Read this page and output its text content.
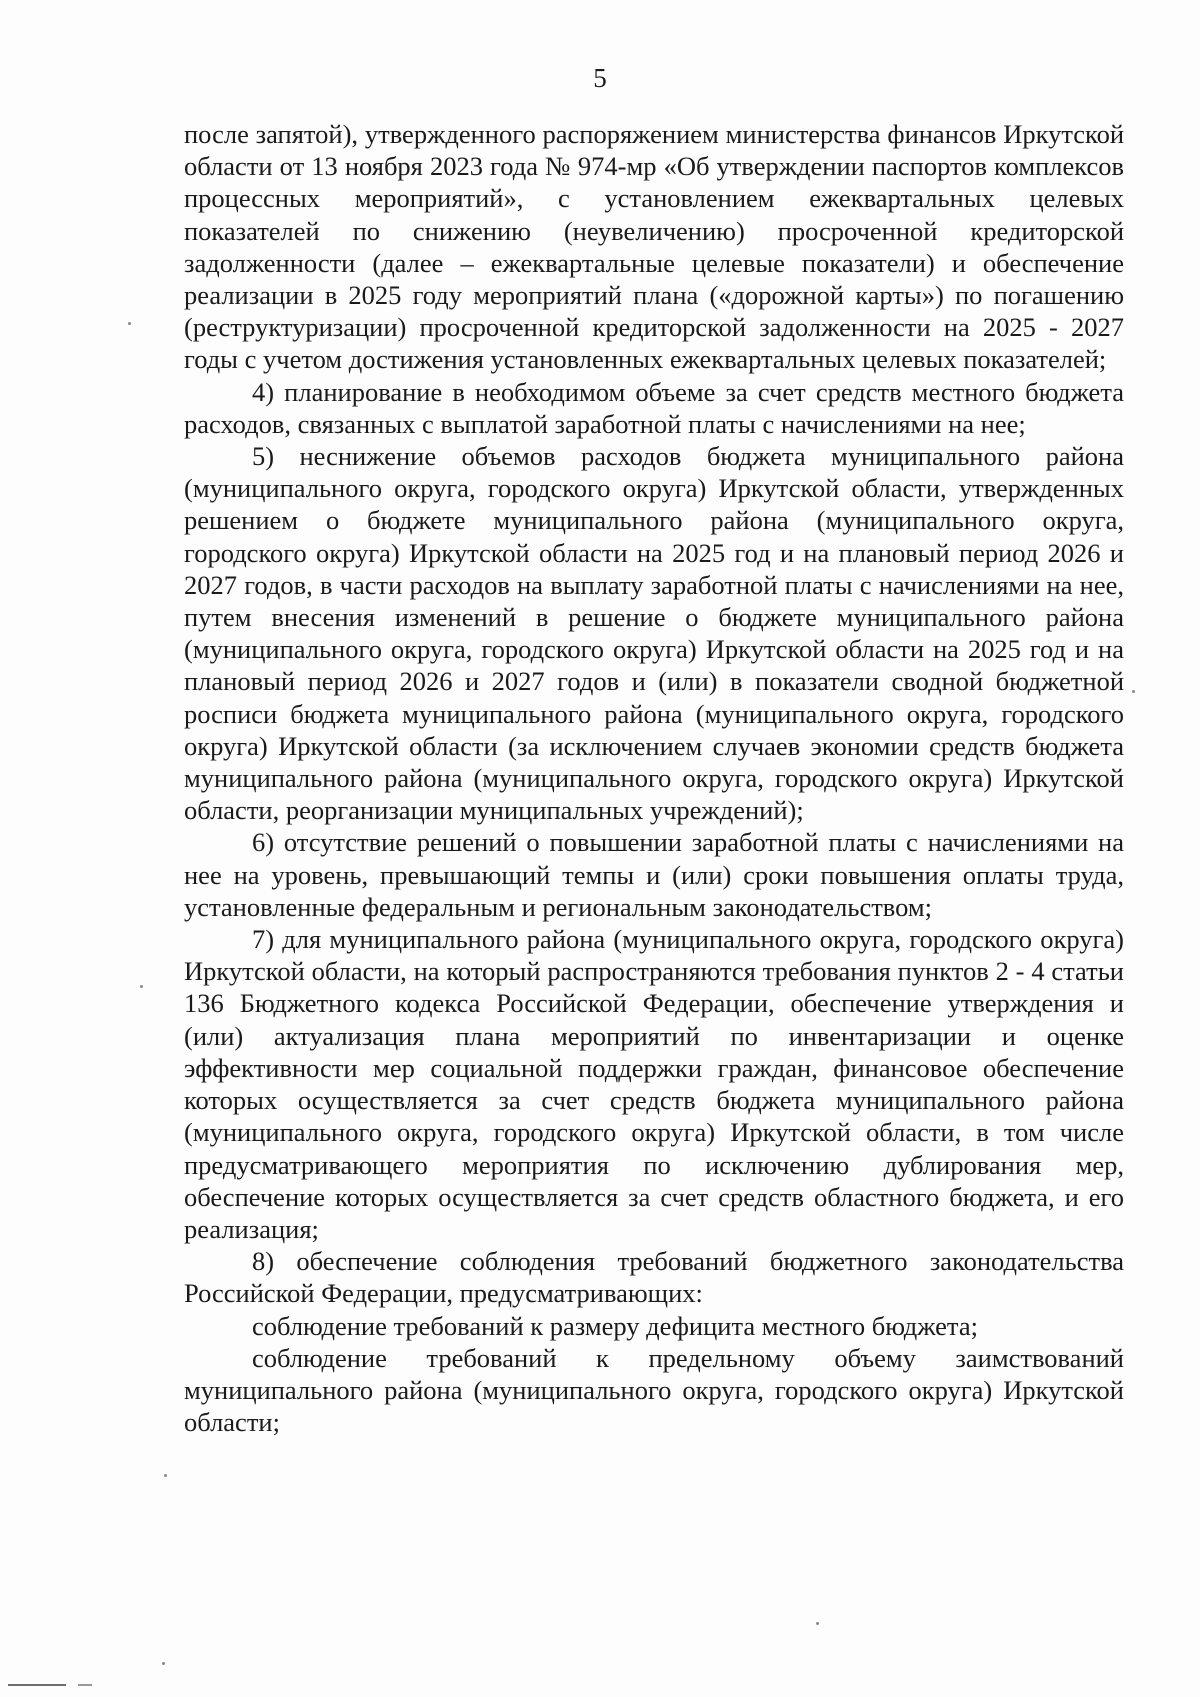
5

после запятой), утвержденного распоряжением министерства финансов Иркутской области от 13 ноября 2023 года № 974-мр «Об утверждении паспортов комплексов процессных мероприятий», с установлением ежеквартальных целевых показателей по снижению (неувеличению) просроченной кредиторской задолженности (далее – ежеквартальные целевые показатели) и обеспечение реализации в 2025 году мероприятий плана («дорожной карты») по погашению (реструктуризации) просроченной кредиторской задолженности на 2025 - 2027 годы с учетом достижения установленных ежеквартальных целевых показателей;

4) планирование в необходимом объеме за счет средств местного бюджета расходов, связанных с выплатой заработной платы с начислениями на нее;

5) неснижение объемов расходов бюджета муниципального района (муниципального округа, городского округа) Иркутской области, утвержденных решением о бюджете муниципального района (муниципального округа, городского округа) Иркутской области на 2025 год и на плановый период 2026 и 2027 годов, в части расходов на выплату заработной платы с начислениями на нее, путем внесения изменений в решение о бюджете муниципального района (муниципального округа, городского округа) Иркутской области на 2025 год и на плановый период 2026 и 2027 годов и (или) в показатели сводной бюджетной росписи бюджета муниципального района (муниципального округа, городского округа) Иркутской области (за исключением случаев экономии средств бюджета муниципального района (муниципального округа, городского округа) Иркутской области, реорганизации муниципальных учреждений);

6) отсутствие решений о повышении заработной платы с начислениями на нее на уровень, превышающий темпы и (или) сроки повышения оплаты труда, установленные федеральным и региональным законодательством;

7) для муниципального района (муниципального округа, городского округа) Иркутской области, на который распространяются требования пунктов 2 - 4 статьи 136 Бюджетного кодекса Российской Федерации, обеспечение утверждения и (или) актуализация плана мероприятий по инвентаризации и оценке эффективности мер социальной поддержки граждан, финансовое обеспечение которых осуществляется за счет средств бюджета муниципального района (муниципального округа, городского округа) Иркутской области, в том числе предусматривающего мероприятия по исключению дублирования мер, обеспечение которых осуществляется за счет средств областного бюджета, и его реализация;

8) обеспечение соблюдения требований бюджетного законодательства Российской Федерации, предусматривающих:

соблюдение требований к размеру дефицита местного бюджета;

соблюдение требований к предельному объему заимствований муниципального района (муниципального округа, городского округа) Иркутской области;
